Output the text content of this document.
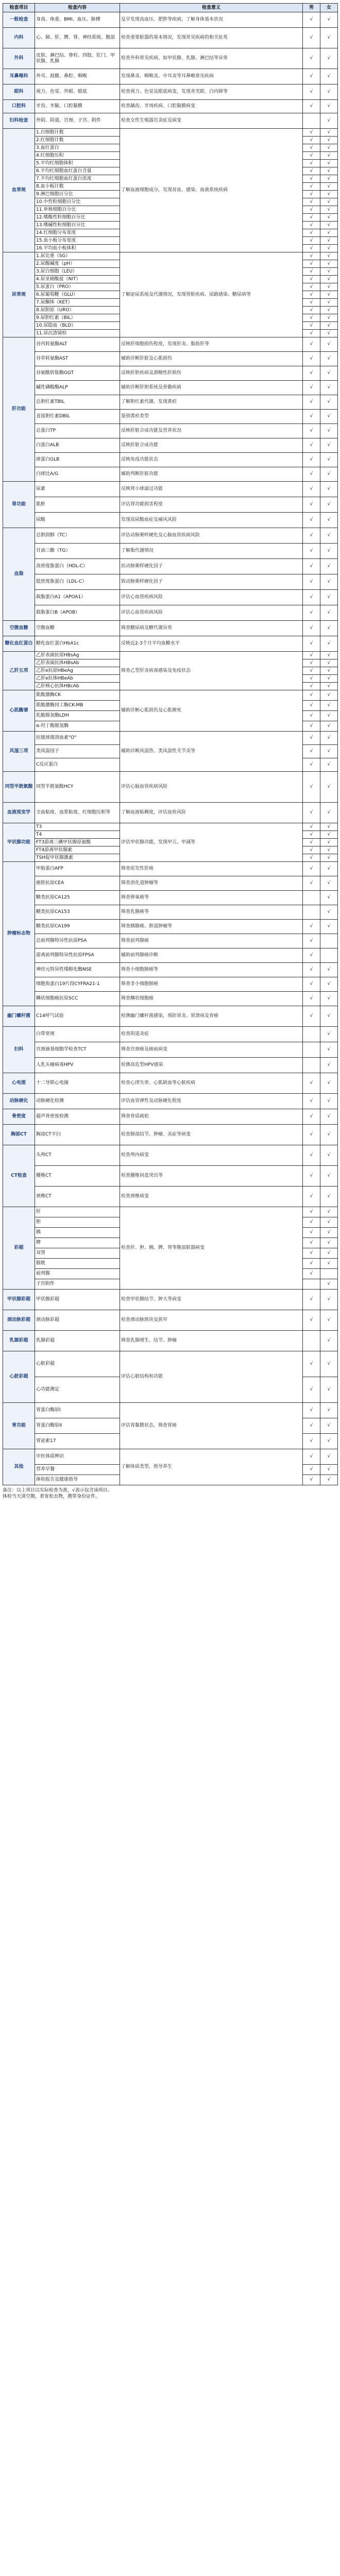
检查项目	检查内容	检查意义	男	女
一般检查	身高、体重、BMI、血压、脉搏	及早发现高血压、肥胖等疾病，了解身体基本状况	√	√
内科	心、肺、肝、脾、肾、神经系统、腹部	检查重要脏器的基本情况，发现常见疾病的相关征兆	√	√
外科	皮肤、淋巴结、脊柱、四肢、肛门、甲状腺、乳腺	检查外科常见疾病，如甲状腺、乳腺、淋巴结等异常	√	√
耳鼻喉科	外耳、鼓膜、鼻腔、咽喉	发现鼻炎、咽喉炎、中耳炎等耳鼻喉常见疾病	√	√
眼科	视力、色觉、外眼、眼底	检查视力、色觉及眼底病变，发现青光眼、白内障等	√	√
口腔科	牙齿、牙龈、口腔黏膜	检查龋齿、牙周疾病、口腔黏膜病变	√	√
妇科检查	外阴、阴道、宫颈、子宫、附件	检查女性生殖器官炎症及病变		√
血常规	1.白细胞计数	了解血液细胞成分，发现贫血、感染、血液系统疾病	√	√
	2.红细胞计数		√	√
	3.血红蛋白		√	√
	4.红细胞压积		√	√
	5.平均红细胞体积		√	√
	6.平均红细胞血红蛋白含量		√	√
	7.平均红细胞血红蛋白浓度		√	√
	8.血小板计数		√	√
	9.淋巴细胞百分比		√	√
	10.中性粒细胞百分比		√	√
	11.单核细胞百分比		√	√
	12.嗜酸性粒细胞百分比		√	√
	13.嗜碱性粒细胞百分比		√	√
	14.红细胞分布宽度		√	√
	15.血小板分布宽度		√	√
	16.平均血小板体积		√	√
尿常规	1.尿比重（SG）	了解泌尿系统及代谢情况，发现肾脏疾病、尿路感染、糖尿病等	√	√
	2.尿酸碱度（pH）		√	√
	3.尿白细胞（LEU）		√	√
	4.尿亚硝酸盐（NIT）		√	√
	5.尿蛋白（PRO）		√	√
	6.尿葡萄糖（GLU）		√	√
	7.尿酮体（KET）		√	√
	8.尿胆原（URO）		√	√
	9.尿胆红素（BIL）		√	√
	10.尿隐血（BLD）		√	√
	11.尿沉渣镜检		√	√
肝功能	谷丙转氨酶ALT	反映肝细胞损伤程度，发现肝炎、脂肪肝等	√	√
	谷草转氨酶AST	辅助诊断肝脏及心肌损伤	√	√
	谷氨酰转肽酶GGT	反映肝胆疾病及酒精性肝损伤	√	√
	碱性磷酸酶ALP	辅助诊断肝胆系统及骨骼疾病	√	√
	总胆红素TBIL	了解胆红素代谢，发现黄疸	√	√
	直接胆红素DBIL	鉴别黄疸类型	√	√
	总蛋白TP	反映肝脏合成功能及营养状况	√	√
	白蛋白ALB	反映肝脏合成功能	√	√
	球蛋白GLB	反映免疫功能状态	√	√
	白球比A/G	辅助判断肝脏功能	√	√
肾功能	尿素	反映肾小球滤过功能	√	√
	肌酐	评估肾功能损害程度	√	√
	尿酸	发现高尿酸血症及痛风风险	√	√
血脂	总胆固醇（TC）	评估动脉粥样硬化及心脑血管疾病风险	√	√
	甘油三酯（TG）	了解脂代谢情况	√	√
	高密度脂蛋白（HDL-C）	抗动脉粥样硬化因子	√	√
	低密度脂蛋白（LDL-C）	致动脉粥样硬化因子	√	√
	载脂蛋白A1（APOA1）	评估心血管疾病风险	√	√
	载脂蛋白B（APOB）	评估心血管疾病风险	√	√
空腹血糖	空腹血糖	筛查糖尿病及糖代谢异常	√	√
糖化血红蛋白	糖化血红蛋白HbA1c	反映近2-3个月平均血糖水平	√	√
乙肝五项	乙肝表面抗原HBsAg	筛查乙型肝炎病毒感染及免疫状态	√	√
	乙肝表面抗体HBsAb		√	√
	乙肝e抗原HBeAg		√	√
	乙肝e抗体HBeAb		√	√
	乙肝核心抗体HBcAb		√	√
心肌酶谱	肌酸激酶CK	辅助诊断心肌损伤及心肌梗死	√	√
	肌酸激酶同工酶CK-MB		√	√
	乳酸脱氢酶LDH		√	√
	α-羟丁酸脱氢酶		√	√
风湿三项	抗链球菌溶血素"O"	辅助诊断风湿热、类风湿性关节炎等	√	√
	类风湿因子		√	√
	C反应蛋白		√	√
同型半胱氨酸	同型半胱氨酸HCY	评估心脑血管疾病风险	√	√
血液流变学	全血粘度、血浆粘度、红细胞压积等	了解血液粘稠度，评估血栓风险	√	√
甲状腺功能	T3	评估甲状腺功能，发现甲亢、甲减等	√	√
	T4		√	√
	FT3游离三碘甲状腺原氨酸		√	√
	FT4游离甲状腺素		√	√
	TSH促甲状腺激素		√	√
肿瘤标志物	甲胎蛋白AFP	筛查原发性肝癌	√	√
	癌胚抗原CEA	筛查消化道肿瘤等	√	√
	糖类抗原CA125	筛查卵巢癌等		√
	糖类抗原CA153	筛查乳腺癌等		√
	糖类抗原CA199	筛查胰腺癌、胆道肿瘤等	√	√
	总前列腺特异性抗原PSA	筛查前列腺癌	√	
	游离前列腺特异性抗原FPSA	辅助前列腺癌诊断	√	
	神经元特异性烯醇化酶NSE	筛查小细胞肺癌等	√	√
	细胞角蛋白19片段CYFRA21-1	筛查非小细胞肺癌	√	√
	鳞状细胞癌抗原SCC	筛查鳞状细胞癌	√	√
幽门螺杆菌	C14呼气试验	检测幽门螺杆菌感染，预防胃炎、胃溃疡及胃癌	√	√
妇科	白带常规	检查阴道炎症		√
	宫颈液基细胞学检查TCT	筛查宫颈癌及癌前病变		√
	人乳头瘤病毒HPV	检测高危型HPV感染		√
心电图	十二导联心电图	检查心律失常、心肌缺血等心脏疾病	√	√
动脉硬化	动脉硬化检测	评估血管弹性及动脉硬化程度	√	√
骨密度	超声骨密度检测	筛查骨质疏松	√	√
胸部CT	胸部CT平扫	检查肺部结节、肿瘤、炎症等病变	√	√
CT检查	头颅CT	检查颅内病变	√	√
	腰椎CT	检查腰椎间盘突出等	√	√
	颈椎CT	检查颈椎病变	√	√
彩超	肝	检查肝、胆、胰、脾、肾等腹部脏器病变	√	√
	胆		√	√
	胰		√	√
	脾		√	√
	双肾		√	√
	膀胱		√	√
	前列腺		√	
	子宫附件			√
甲状腺彩超	甲状腺彩超	检查甲状腺结节、肿大等病变	√	√
颈动脉彩超	颈动脉彩超	检查颈动脉斑块及狭窄	√	√
乳腺彩超	乳腺彩超	筛查乳腺增生、结节、肿瘤		√
心脏彩超	心脏彩超	评估心脏结构和功能	√	√
	心功能测定		√	√
胃功能	胃蛋白酶原I	评估胃黏膜状态，筛查胃癌	√	√
	胃蛋白酶原II		√	√
	胃泌素17		√	√
其他	中医体质辨识	了解体质类型，指导养生	√	√
	营养早餐		√	√
	体检报告及健康指导		√	√
备注：以上项目以实际检查为准，√表示包含该项目。
体检当天请空腹，着宽松衣物，携带身份证件。
